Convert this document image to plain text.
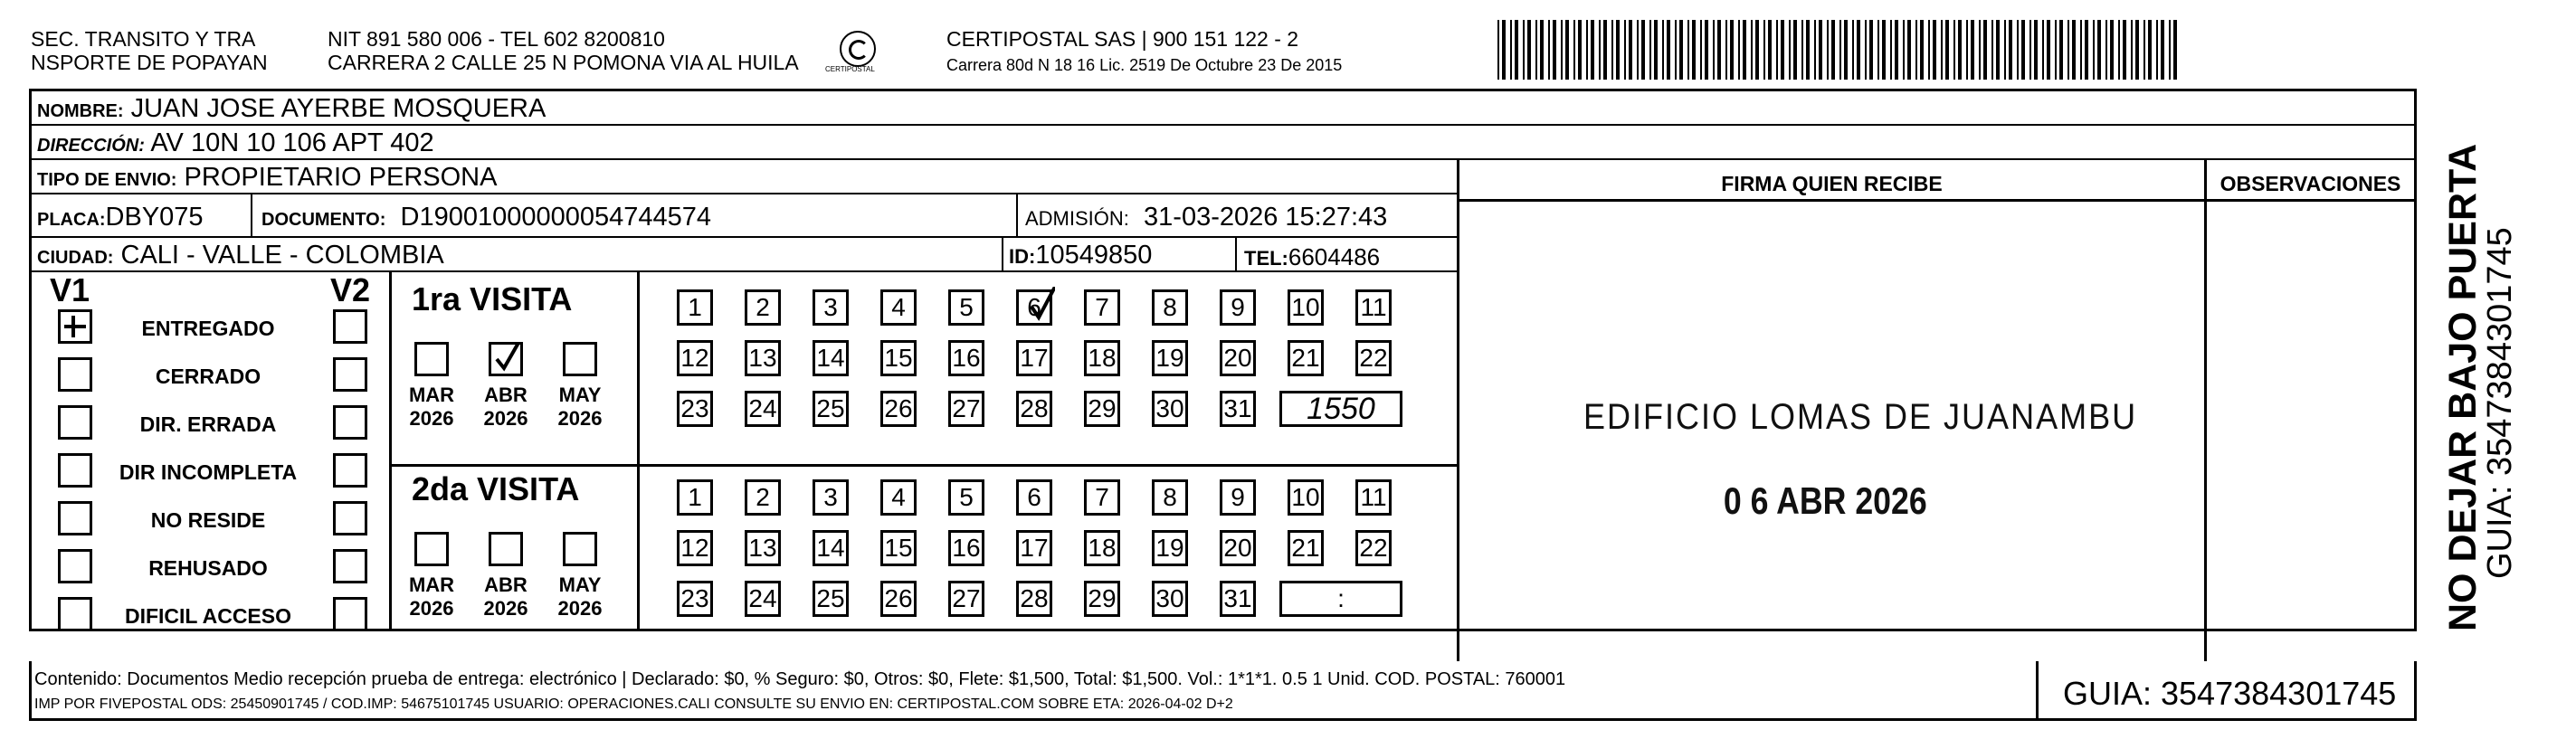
SEC. TRANSITO Y TRA
NSPORTE DE POPAYAN
NIT 891 580 006 - TEL 602 8200810
CARRERA 2 CALLE 25 N POMONA VIA AL HUILA	CERTIPOSTAL
CERTIPOSTAL SAS | 900 151 122 - 2
Carrera 80d N 18 16 Lic. 2519 De Octubre 23 De 2015
NOMBRE: JUAN JOSE AYERBE MOSQUERA
DIRECCIÓN: AV 10N 10 106 APT 402
TIPO DE ENVIO: PROPIETARIO PERSONA
PLACA:DBY075	DOCUMENTO: D19001000000054744574	ADMISIÓN: 31-03-2026 15:27:43
CIUDAD: CALI - VALLE - COLOMBIA	ID:10549850	TEL:6604486
FIRMA QUIEN RECIBE	OBSERVACIONES
EDIFICIO LOMAS DE JUANAMBU
0 6 ABR 2026
V1	V2 1ra VISITA
2da VISITA
ENTREGADO
CERRADO
DIR. ERRADA
DIR INCOMPLETA
NO RESIDE
REHUSADO
DIFICIL ACCESO
MAR
2026
ABR
2026
MAY
2026
MAR
2026
ABR
2026
MAY
2026
1	2	3	4	5	6	7	8	9	10 11
12 13 14 15 16 17 18 19 20 21 22
23 24 25 26 27 28 29 30 31	1550
1	2	3	4	5	6	7	8	9	10 11
12 13 14 15 16 17 18 19 20 21 22
23 24 25 26 27 28 29 30 31	:	NO DEJAR BAJO PUERTA
GUIA: 3547384301745
Contenido: Documentos Medio recepción prueba de entrega: electrónico | Declarado: $0, % Seguro: $0, Otros: $0, Flete: $1,500, Total: $1,500. Vol.: 1*1*1. 0.5 1 Unid. COD. POSTAL: 760001
IMP POR FIVEPOSTAL ODS: 25450901745 / COD.IMP: 54675101745 USUARIO: OPERACIONES.CALI CONSULTE SU ENVIO EN: CERTIPOSTAL.COM SOBRE ETA: 2026-04-02 D+2	GUIA: 3547384301745
